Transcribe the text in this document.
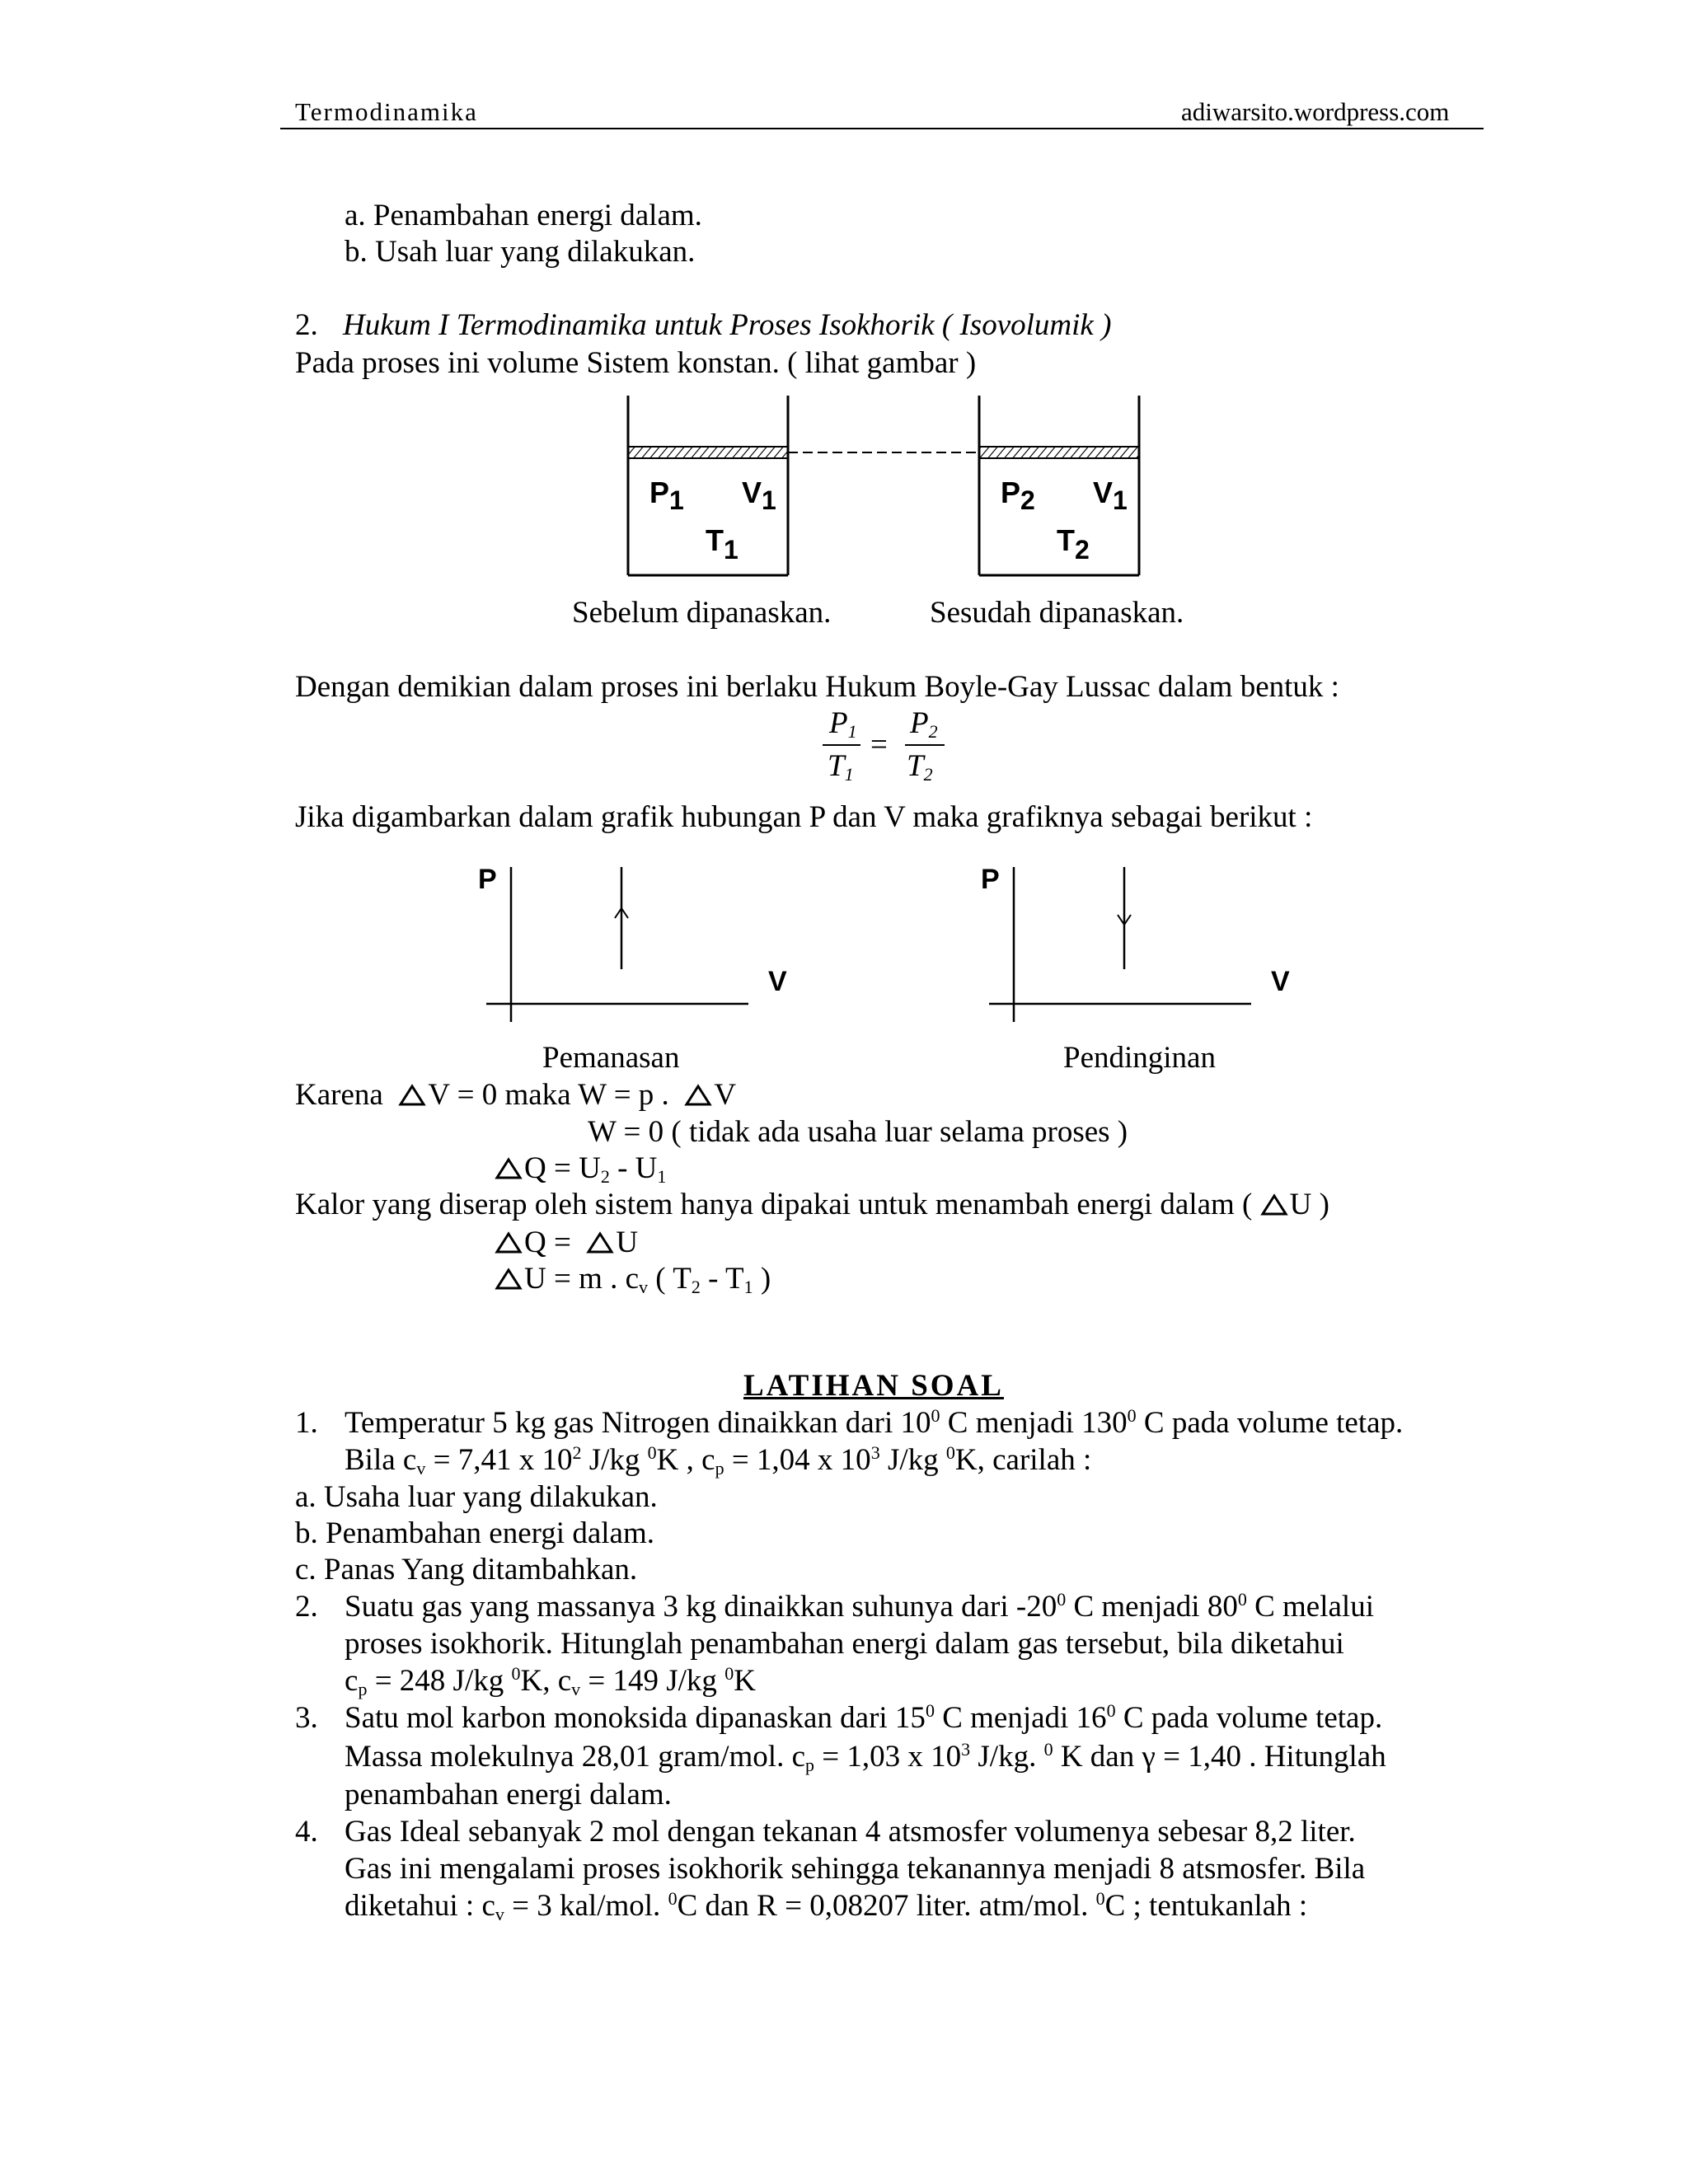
Termodinamika	adiwarsito.wordpress.com
a. Penambahan energi dalam.
b. Usah luar yang dilakukan.
2. Hukum I Termodinamika untuk Proses Isokhorik ( Isovolumik )
Pada proses ini volume Sistem konstan. ( lihat gambar )
P1 V1
T1
P2 V1
T2
Sebelum dipanaskan.	Sesudah dipanaskan.
Dengan demikian dalam proses ini berlaku Hukum Boyle-Gay Lussac dalam bentuk :
$P_1$
$T_1$
=
$P_2$
$T_2$
Jika digambarkan dalam grafik hubungan P dan V maka grafiknya sebagai berikut :
P
V
P
V
Pemanasan	Pendinginan
Karena V = 0 maka W = p . V
W = 0 ( tidak ada usaha luar selama proses )
$Q = U_2 - U_1$
Kalor yang diserap oleh sistem hanya dipakai untuk menambah energi dalam ( U )
Q = U
U = m . $c_v$ ( $T_2 - T_1$ )
LATIHAN SOAL
1. Temperatur 5 kg gas Nitrogen dinaikkan dari $10^0$ C menjadi $130^0$ C pada volume tetap.
Bila $c_v = 7,41$ x $10^2$ J/kg $^0$K , $c_p = 1,04$ x $10^3$ J/kg $^0$K, carilah :
a. Usaha luar yang dilakukan.
b. Penambahan energi dalam.
c. Panas Yang ditambahkan.
2. Suatu gas yang massanya 3 kg dinaikkan suhunya dari $-20^0$ C menjadi $80^0$ C melalui
proses isokhorik. Hitunglah penambahan energi dalam gas tersebut, bila diketahui
$c_p = 248$ J/kg $^0$K, $c_v = 149$ J/kg $^0$K
3. Satu mol karbon monoksida dipanaskan dari $15^0$ C menjadi $16^0$ C pada volume tetap.
Massa molekulnya 28,01 gram/mol. $c_p = 1,03$ x $10^3$ J/kg. $^0$ K dan γ = 1,40 . Hitunglah
penambahan energi dalam.
4. Gas Ideal sebanyak 2 mol dengan tekanan 4 atsmosfer volumenya sebesar 8,2 liter.
Gas ini mengalami proses isokhorik sehingga tekanannya menjadi 8 atsmosfer. Bila
diketahui : $c_v = 3$ kal/mol. $^0$C dan R = 0,08207 liter. atm/mol. $^0$C ; tentukanlah :
